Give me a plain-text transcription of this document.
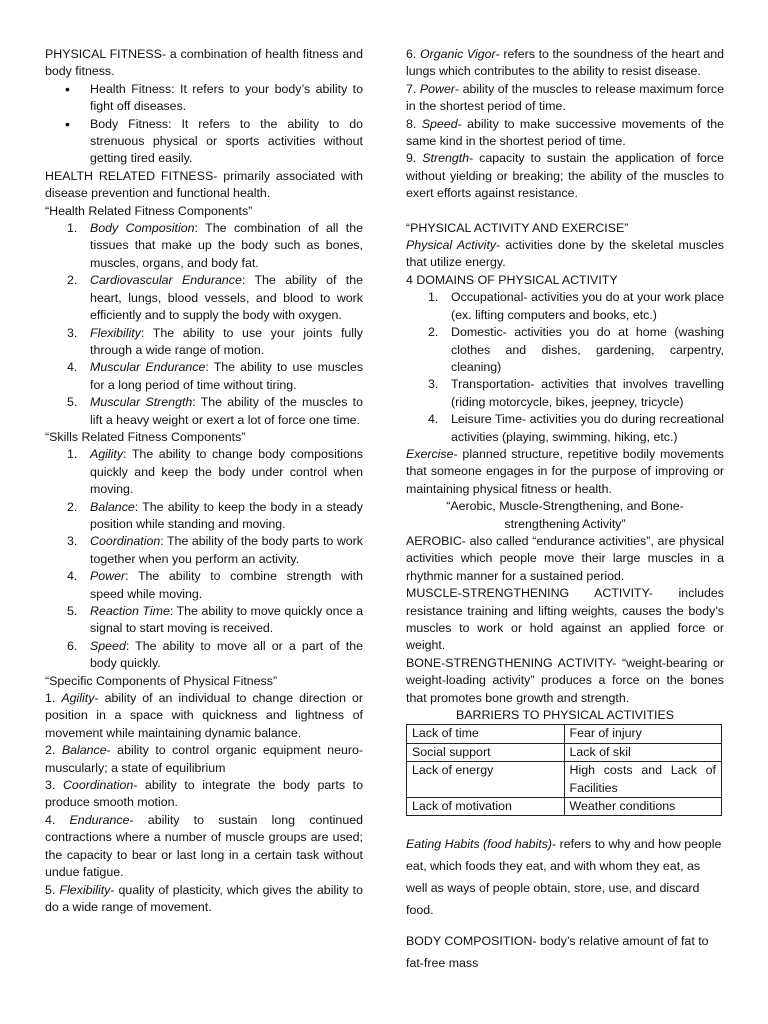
PHYSICAL FITNESS- a combination of health fitness and body fitness.

• Health Fitness: It refers to your body’s ability to fight off diseases.
• Body Fitness: It refers to the ability to do strenuous physical or sports activities without getting tired easily.

HEALTH RELATED FITNESS- primarily associated with disease prevention and functional health.

“Health Related Fitness Components”

1. Body Composition: The combination of all the tissues that make up the body such as bones, muscles, organs, and body fat.
2. Cardiovascular Endurance: The ability of the heart, lungs, blood vessels, and blood to work efficiently and to supply the body with oxygen.
3. Flexibility: The ability to use your joints fully through a wide range of motion.
4. Muscular Endurance: The ability to use muscles for a long period of time without tiring.
5. Muscular Strength: The ability of the muscles to lift a heavy weight or exert a lot of force one time.

“Skills Related Fitness Components”

1. Agility: The ability to change body compositions quickly and keep the body under control when moving.
2. Balance: The ability to keep the body in a steady position while standing and moving.
3. Coordination: The ability of the body parts to work together when you perform an activity.
4. Power: The ability to combine strength with speed while moving.
5. Reaction Time: The ability to move quickly once a signal to start moving is received.
6. Speed: The ability to move all or a part of the body quickly.

“Specific Components of Physical Fitness”

1. Agility- ability of an individual to change direction or position in a space with quickness and lightness of movement while maintaining dynamic balance.

2. Balance- ability to control organic equipment neuro-muscularly; a state of equilibrium

3. Coordination- ability to integrate the body parts to produce smooth motion.

4. Endurance- ability to sustain long continued contractions where a number of muscle groups are used; the capacity to bear or last long in a certain task without undue fatigue.

5. Flexibility- quality of plasticity, which gives the ability to do a wide range of movement.

6. Organic Vigor- refers to the soundness of the heart and lungs which contributes to the ability to resist disease.

7. Power- ability of the muscles to release maximum force in the shortest period of time.

8. Speed- ability to make successive movements of the same kind in the shortest period of time.

9. Strength- capacity to sustain the application of force without yielding or breaking; the ability of the muscles to exert efforts against resistance.

“PHYSICAL ACTIVITY AND EXERCISE”

Physical Activity- activities done by the skeletal muscles that utilize energy.

4 DOMAINS OF PHYSICAL ACTIVITY

1. Occupational- activities you do at your work place (ex. lifting computers and books, etc.)
2. Domestic- activities you do at home (washing clothes and dishes, gardening, carpentry, cleaning)
3. Transportation- activities that involves travelling (riding motorcycle, bikes, jeepney, tricycle)
4. Leisure Time- activities you do during recreational activities (playing, swimming, hiking, etc.)

Exercise- planned structure, repetitive bodily movements that someone engages in for the purpose of improving or maintaining physical fitness or health.

“Aerobic, Muscle-Strengthening, and Bone-strengthening Activity”

AEROBIC- also called “endurance activities”, are physical activities which people move their large muscles in a rhythmic manner for a sustained period.

MUSCLE-STRENGTHENING ACTIVITY- includes resistance training and lifting weights, causes the body’s muscles to work or hold against an applied force or weight.

BONE-STRENGTHENING ACTIVITY- “weight-bearing or weight-loading activity” produces a force on the bones that promotes bone growth and strength.

BARRIERS TO PHYSICAL ACTIVITIES

Lack of time	Fear of injury
Social support	Lack of skil
Lack of energy	High costs and Lack of Facilities
Lack of motivation	Weather conditions

Eating Habits (food habits)- refers to why and how people eat, which foods they eat, and with whom they eat, as well as ways of people obtain, store, use, and discard food.

BODY COMPOSITION- body’s relative amount of fat to fat-free mass
